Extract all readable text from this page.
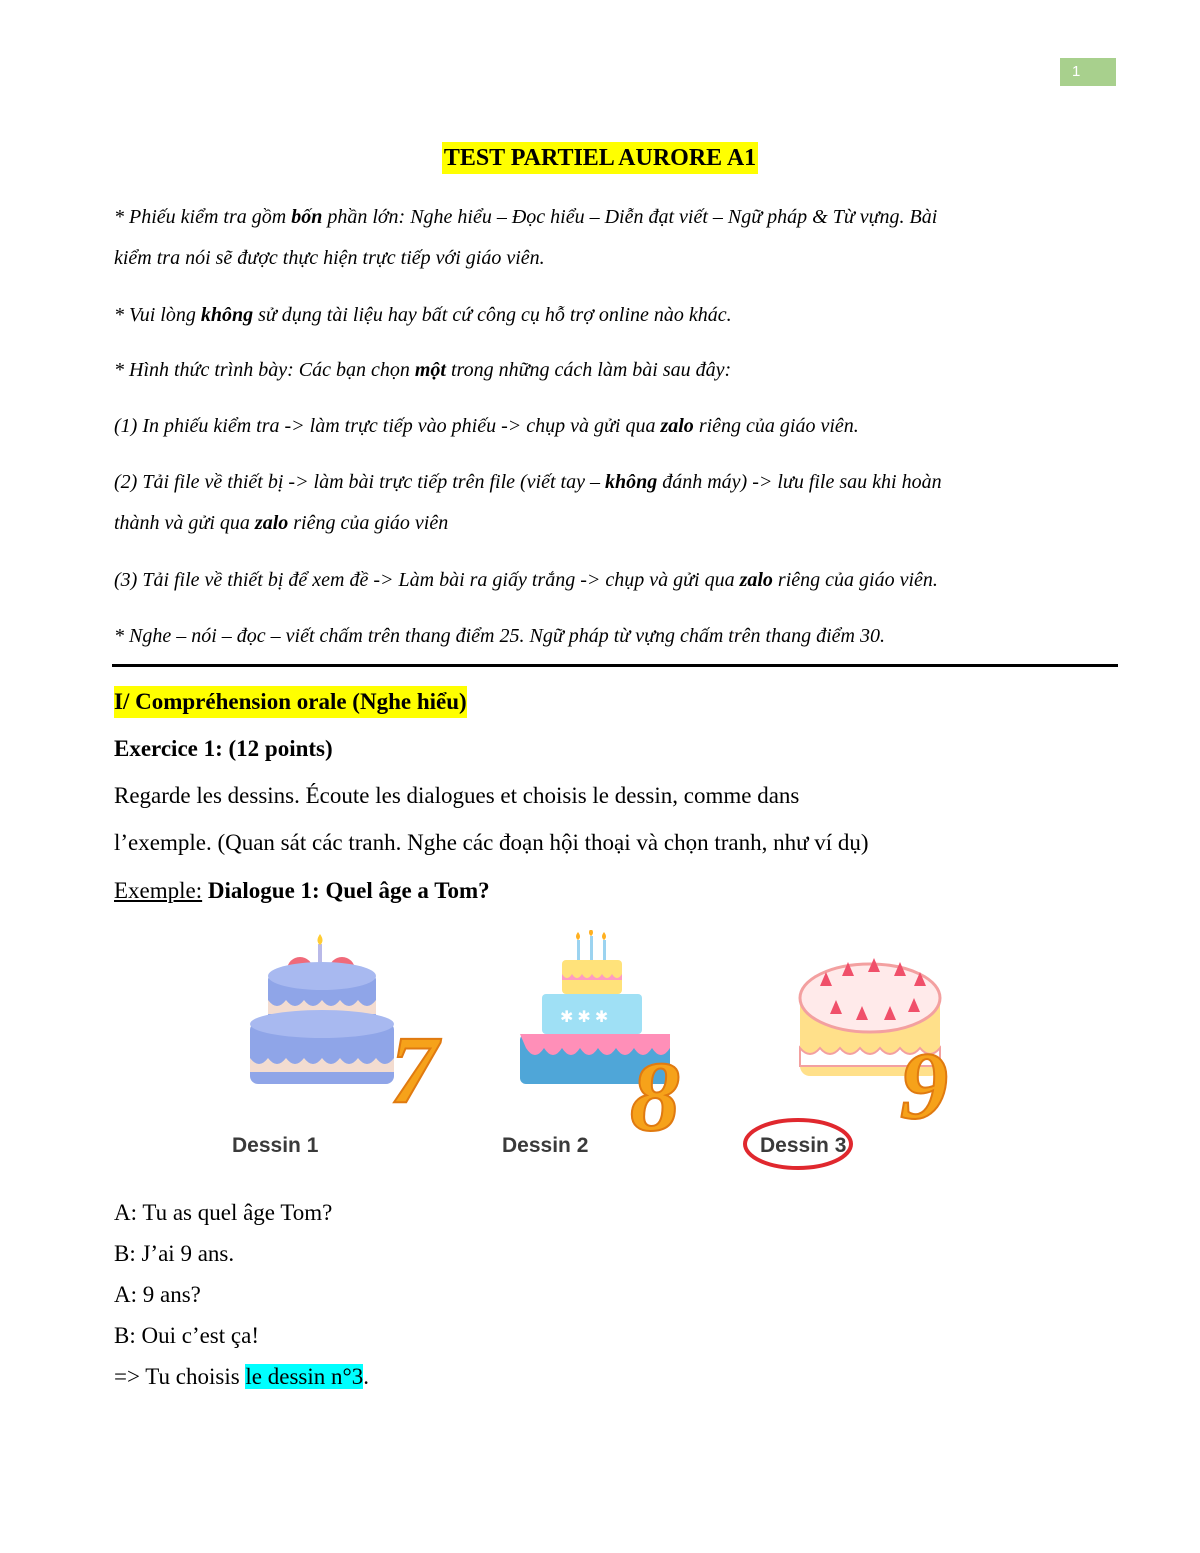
1
TEST PARTIEL AURORE A1

* Phiếu kiểm tra gồm bốn phần lớn: Nghe hiểu – Đọc hiểu – Diễn đạt viết – Ngữ pháp & Từ vựng. Bài

kiểm tra nói sẽ được thực hiện trực tiếp với giáo viên.

* Vui lòng không sử dụng tài liệu hay bất cứ công cụ hỗ trợ online nào khác.

* Hình thức trình bày: Các bạn chọn một trong những cách làm bài sau đây:

(1) In phiếu kiểm tra -> làm trực tiếp vào phiếu -> chụp và gửi qua zalo riêng của giáo viên.

(2) Tải file về thiết bị -> làm bài trực tiếp trên file (viết tay – không đánh máy) -> lưu file sau khi hoàn

thành và gửi qua zalo riêng của giáo viên

(3) Tải file về thiết bị để xem đề -> Làm bài ra giấy trắng -> chụp và gửi qua zalo riêng của giáo viên.

* Nghe – nói – đọc – viết chấm trên thang điểm 25. Ngữ pháp từ vựng chấm trên thang điểm 30.

I/ Compréhension orale (Nghe hiểu)
Exercice 1: (12 points)
Regarde les dessins. Écoute les dialogues et choisis le dessin, comme dans
l’exemple. (Quan sát các tranh. Nghe các đoạn hội thoại và chọn tranh, như ví dụ)
Exemple: Dialogue 1: Quel âge a Tom?
7
Dessin 1
✱ ✱ ✱
8
Dessin 2
9
Dessin 3
A: Tu as quel âge Tom?
B: J’ai 9 ans.
A: 9 ans?
B: Oui c’est ça!
=> Tu choisis le dessin n°3.
